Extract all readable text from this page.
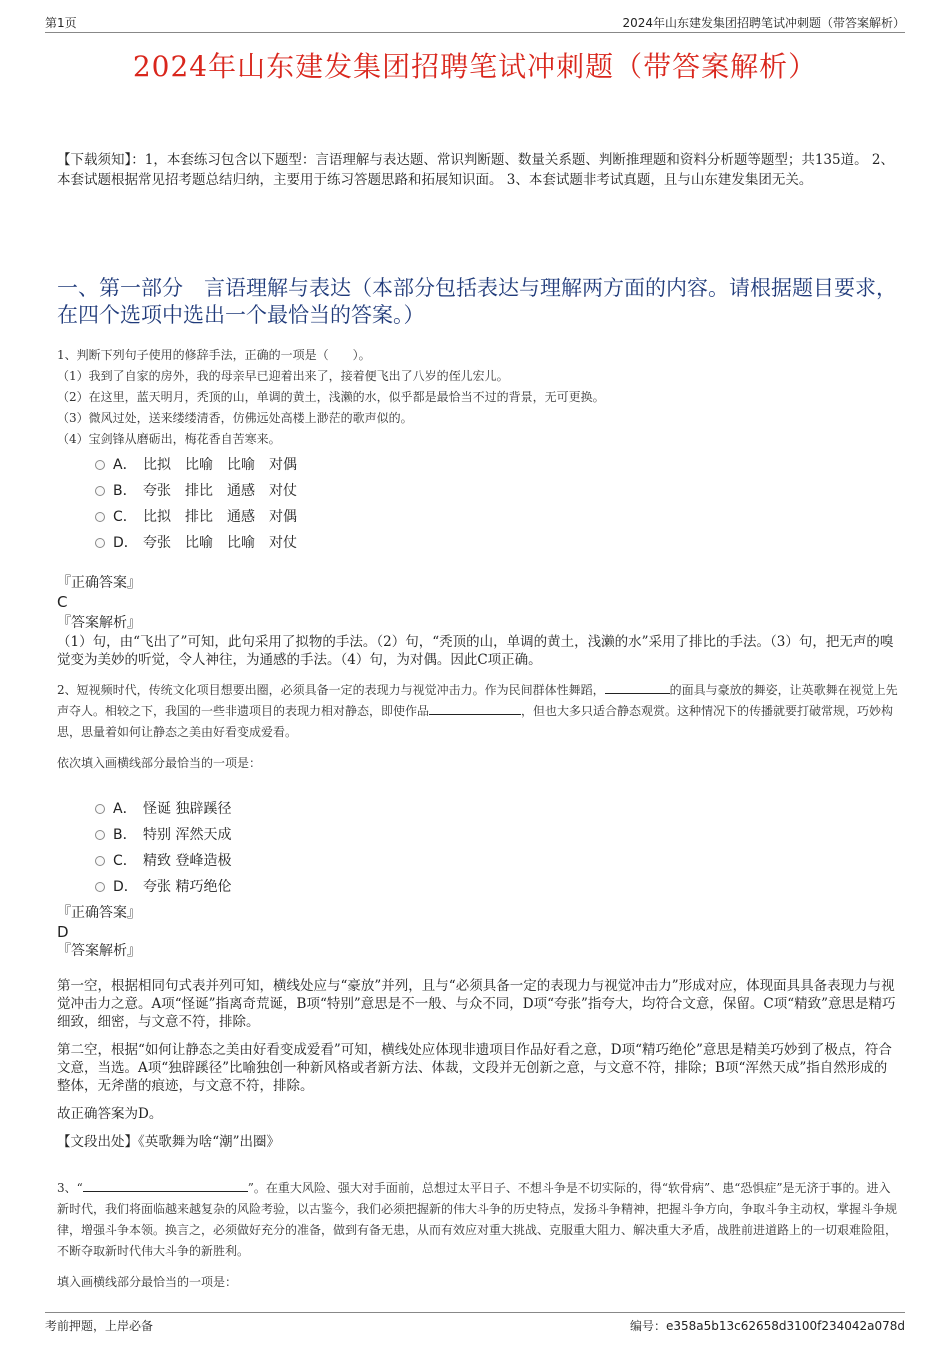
第1页	2024年山东建发集团招聘笔试冲刺题（带答案解析）
2024年山东建发集团招聘笔试冲刺题（带答案解析）
【下载须知】：1，本套练习包含以下题型：言语理解与表达题、常识判断题、数量关系题、判断推理题和资料分析题等题型；共135道。 2、本套试题根据常见招考题总结归纳，主要用于练习答题思路和拓展知识面。 3、本套试题非考试真题，且与山东建发集团无关。
一、第一部分　言语理解与表达（本部分包括表达与理解两方面的内容。请根据题目要求，在四个选项中选出一个最恰当的答案。）
1、判断下列句子使用的修辞手法，正确的一项是（　　）。
（1）我到了自家的房外，我的母亲早已迎着出来了，接着便飞出了八岁的侄儿宏儿。
（2）在这里，蓝天明月，秃顶的山，单调的黄土，浅濑的水，似乎都是最恰当不过的背景，无可更换。
（3）微风过处，送来缕缕清香，仿佛远处高楼上渺茫的歌声似的。
（4）宝剑锋从磨砺出，梅花香自苦寒来。
A． 比拟 比喻 比喻 对偶
B． 夸张 排比 通感 对仗
C． 比拟 排比 通感 对偶
D． 夸张 比喻 比喻 对仗
『正确答案』
C
『答案解析』
（1）句，由“飞出了”可知，此句采用了拟物的手法。（2）句，“秃顶的山，单调的黄土，浅濑的水”采用了排比的手法。（3）句，把无声的嗅觉变为美妙的听觉，令人神往，为通感的手法。（4）句，为对偶。因此C项正确。
2、短视频时代，传统文化项目想要出圈，必须具备一定的表现力与视觉冲击力。作为民间群体性舞蹈，	的面具与豪放的舞姿，让英歌舞在视觉上先声夺人。相较之下，我国的一些非遗项目的表现力相对静态，即使作品	，但也大多只适合静态观赏。这种情况下的传播就要打破常规，巧妙构思，思量着如何让静态之美由好看变成爱看。
依次填入画横线部分最恰当的一项是：
A． 怪诞 独辟蹊径
B． 特别 浑然天成
C． 精致 登峰造极
D． 夸张 精巧绝伦
『正确答案』
D
『答案解析』
第一空，根据相同句式表并列可知，横线处应与“豪放”并列，且与“必须具备一定的表现力与视觉冲击力”形成对应，体现面具具备表现力与视觉冲击力之意。A项“怪诞”指离奇荒诞，B项“特别”意思是不一般、与众不同，D项“夸张”指夸大，均符合文意，保留。C项“精致”意思是精巧细致，细密，与文意不符，排除。
第二空，根据“如何让静态之美由好看变成爱看”可知，横线处应体现非遗项目作品好看之意，D项“精巧绝伦”意思是精美巧妙到了极点，符合文意，当选。A项“独辟蹊径”比喻独创一种新风格或者新方法、体裁，文段并无创新之意，与文意不符，排除；B项“浑然天成”指自然形成的整体，无斧凿的痕迹，与文意不符，排除。
故正确答案为D。
【文段出处】《英歌舞为啥“潮”出圈》
3、“	”。在重大风险、强大对手面前，总想过太平日子、不想斗争是不切实际的，得“软骨病”、患“恐惧症”是无济于事的。进入新时代，我们将面临越来越复杂的风险考验，以古鉴今，我们必须把握新的伟大斗争的历史特点，发扬斗争精神，把握斗争方向，争取斗争主动权，掌握斗争规律，增强斗争本领。换言之，必须做好充分的准备，做到有备无患，从而有效应对重大挑战、克服重大阻力、解决重大矛盾，战胜前进道路上的一切艰难险阻，不断夺取新时代伟大斗争的新胜利。
填入画横线部分最恰当的一项是：
考前押题，上岸必备	编号：e358a5b13c62658d3100f234042a078d
